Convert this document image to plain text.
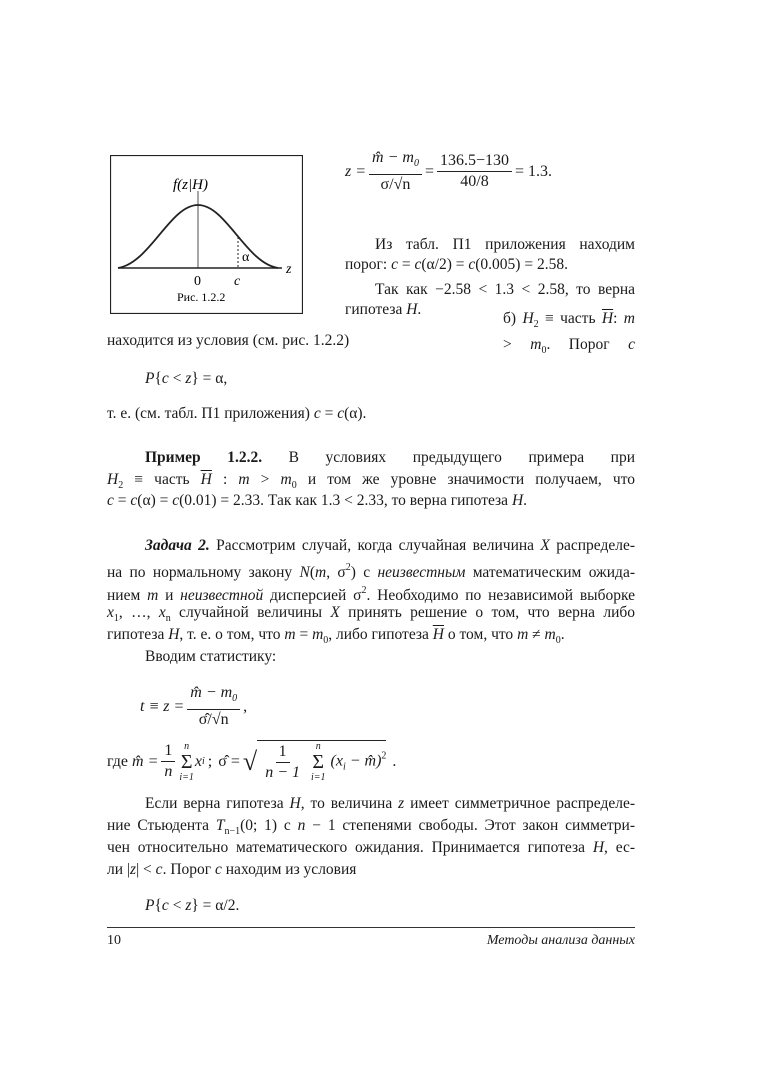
$z = \frac{m̂ - m_0}{\sigma/√n} = \frac{136.5-130}{40/8} = 1.3$.
f(z|H)
0 c
z
α
Рис. 1.2.2
Из табл. П1 приложения находим
порог: c = c(α/2) = c(0.005) = 2.58.
Так как −2.58 < 1.3 < 2.58, то верна
гипотеза H.
б) $H_2$ ≡ часть $\overline{H}$: $m > m_0$. Порог c
находится из условия (см. рис. 1.2.2)
P{c < z} = α,
т. е. (см. табл. П1 приложения) c = c(α).
Пример 1.2.2. В условиях предыдущего примера при
$H_2$ ≡ часть $\overline{H}$ : $m > m_0$ и том же уровне значимости получаем, что
c = c(α) = c(0.01) = 2.33. Так как 1.3 < 2.33, то верна гипотеза H.
Задача 2. Рассмотрим случай, когда случайная величина X распределе-
на по нормальному закону N(m, $\sigma^2$) с неизвестным математическим ожида-
нием m и неизвестной дисперсией $\sigma^2$. Необходимо по независимой выборке
$x_1$, …, $x_n$ случайной величины X принять решение о том, что верна либо
гипотеза H, т. е. о том, что $m = m_0$, либо гипотеза $\overline{H}$ о том, что $m \ne m_0$.
Вводим статистику:
$t \equiv z = \frac{m̂ - m_0}{\sigmâ/√n}$ ,
где
m̂ = $\frac{1}{n}$ n
Σ
i=1
x i ; σ̂ = √ $\frac{1}{n - 1}$
n
Σ
i=1
($x_i$ − m̂)$^2$ .
Если верна гипотеза H, то величина z имеет симметричное распределе-
ние Стьюдента $T_{n-1}(0$; 1) с n − 1 степенями свободы. Этот закон симметри-
чен относительно математического ожидания. Принимается гипотеза H, ес-
ли |z| < c. Порог c находим из условия
P{c < z} = α/2.
10	Методы анализа данных
